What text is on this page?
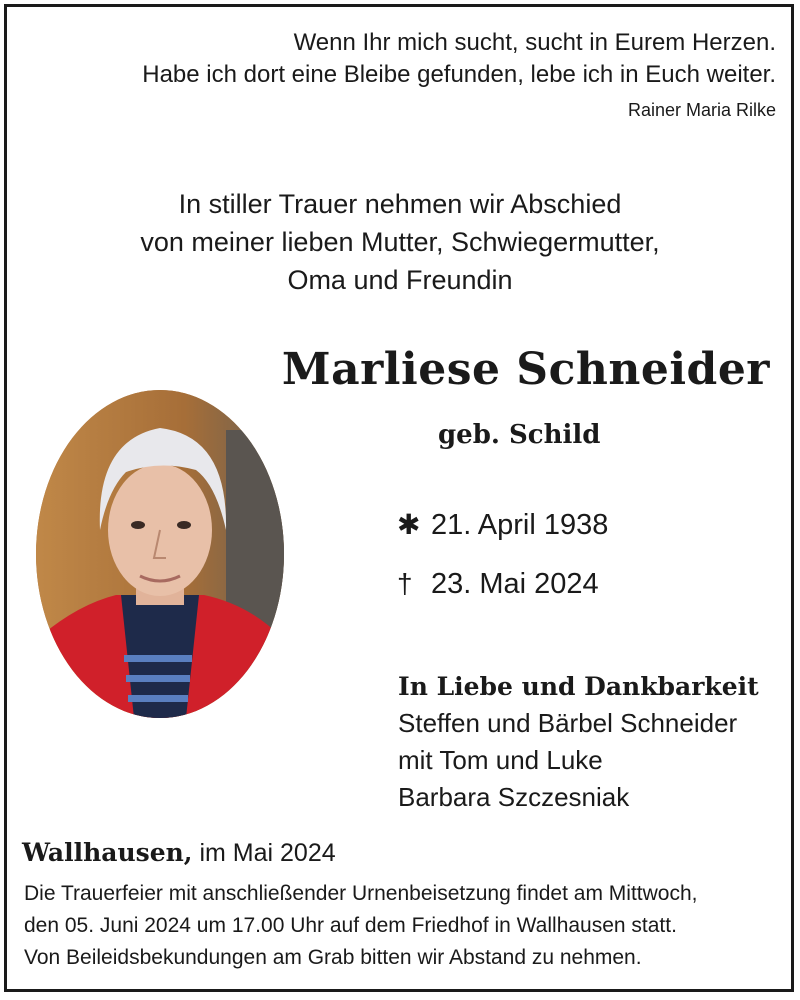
Wenn Ihr mich sucht, sucht in Eurem Herzen.
Habe ich dort eine Bleibe gefunden, lebe ich in Euch weiter.
Rainer Maria Rilke
In stiller Trauer nehmen wir Abschied
von meiner lieben Mutter, Schwiegermutter,
Oma und Freundin
Marliese Schneider
geb. Schild
✱ 21. April 1938
† 23. Mai 2024
In Liebe und Dankbarkeit
Steffen und Bärbel Schneider
mit Tom und Luke
Barbara Szczesniak
Wallhausen, im Mai 2024
Die Trauerfeier mit anschließender Urnenbeisetzung findet am Mittwoch,
den 05. Juni 2024 um 17.00 Uhr auf dem Friedhof in Wallhausen statt.
Von Beileidsbekundungen am Grab bitten wir Abstand zu nehmen.
